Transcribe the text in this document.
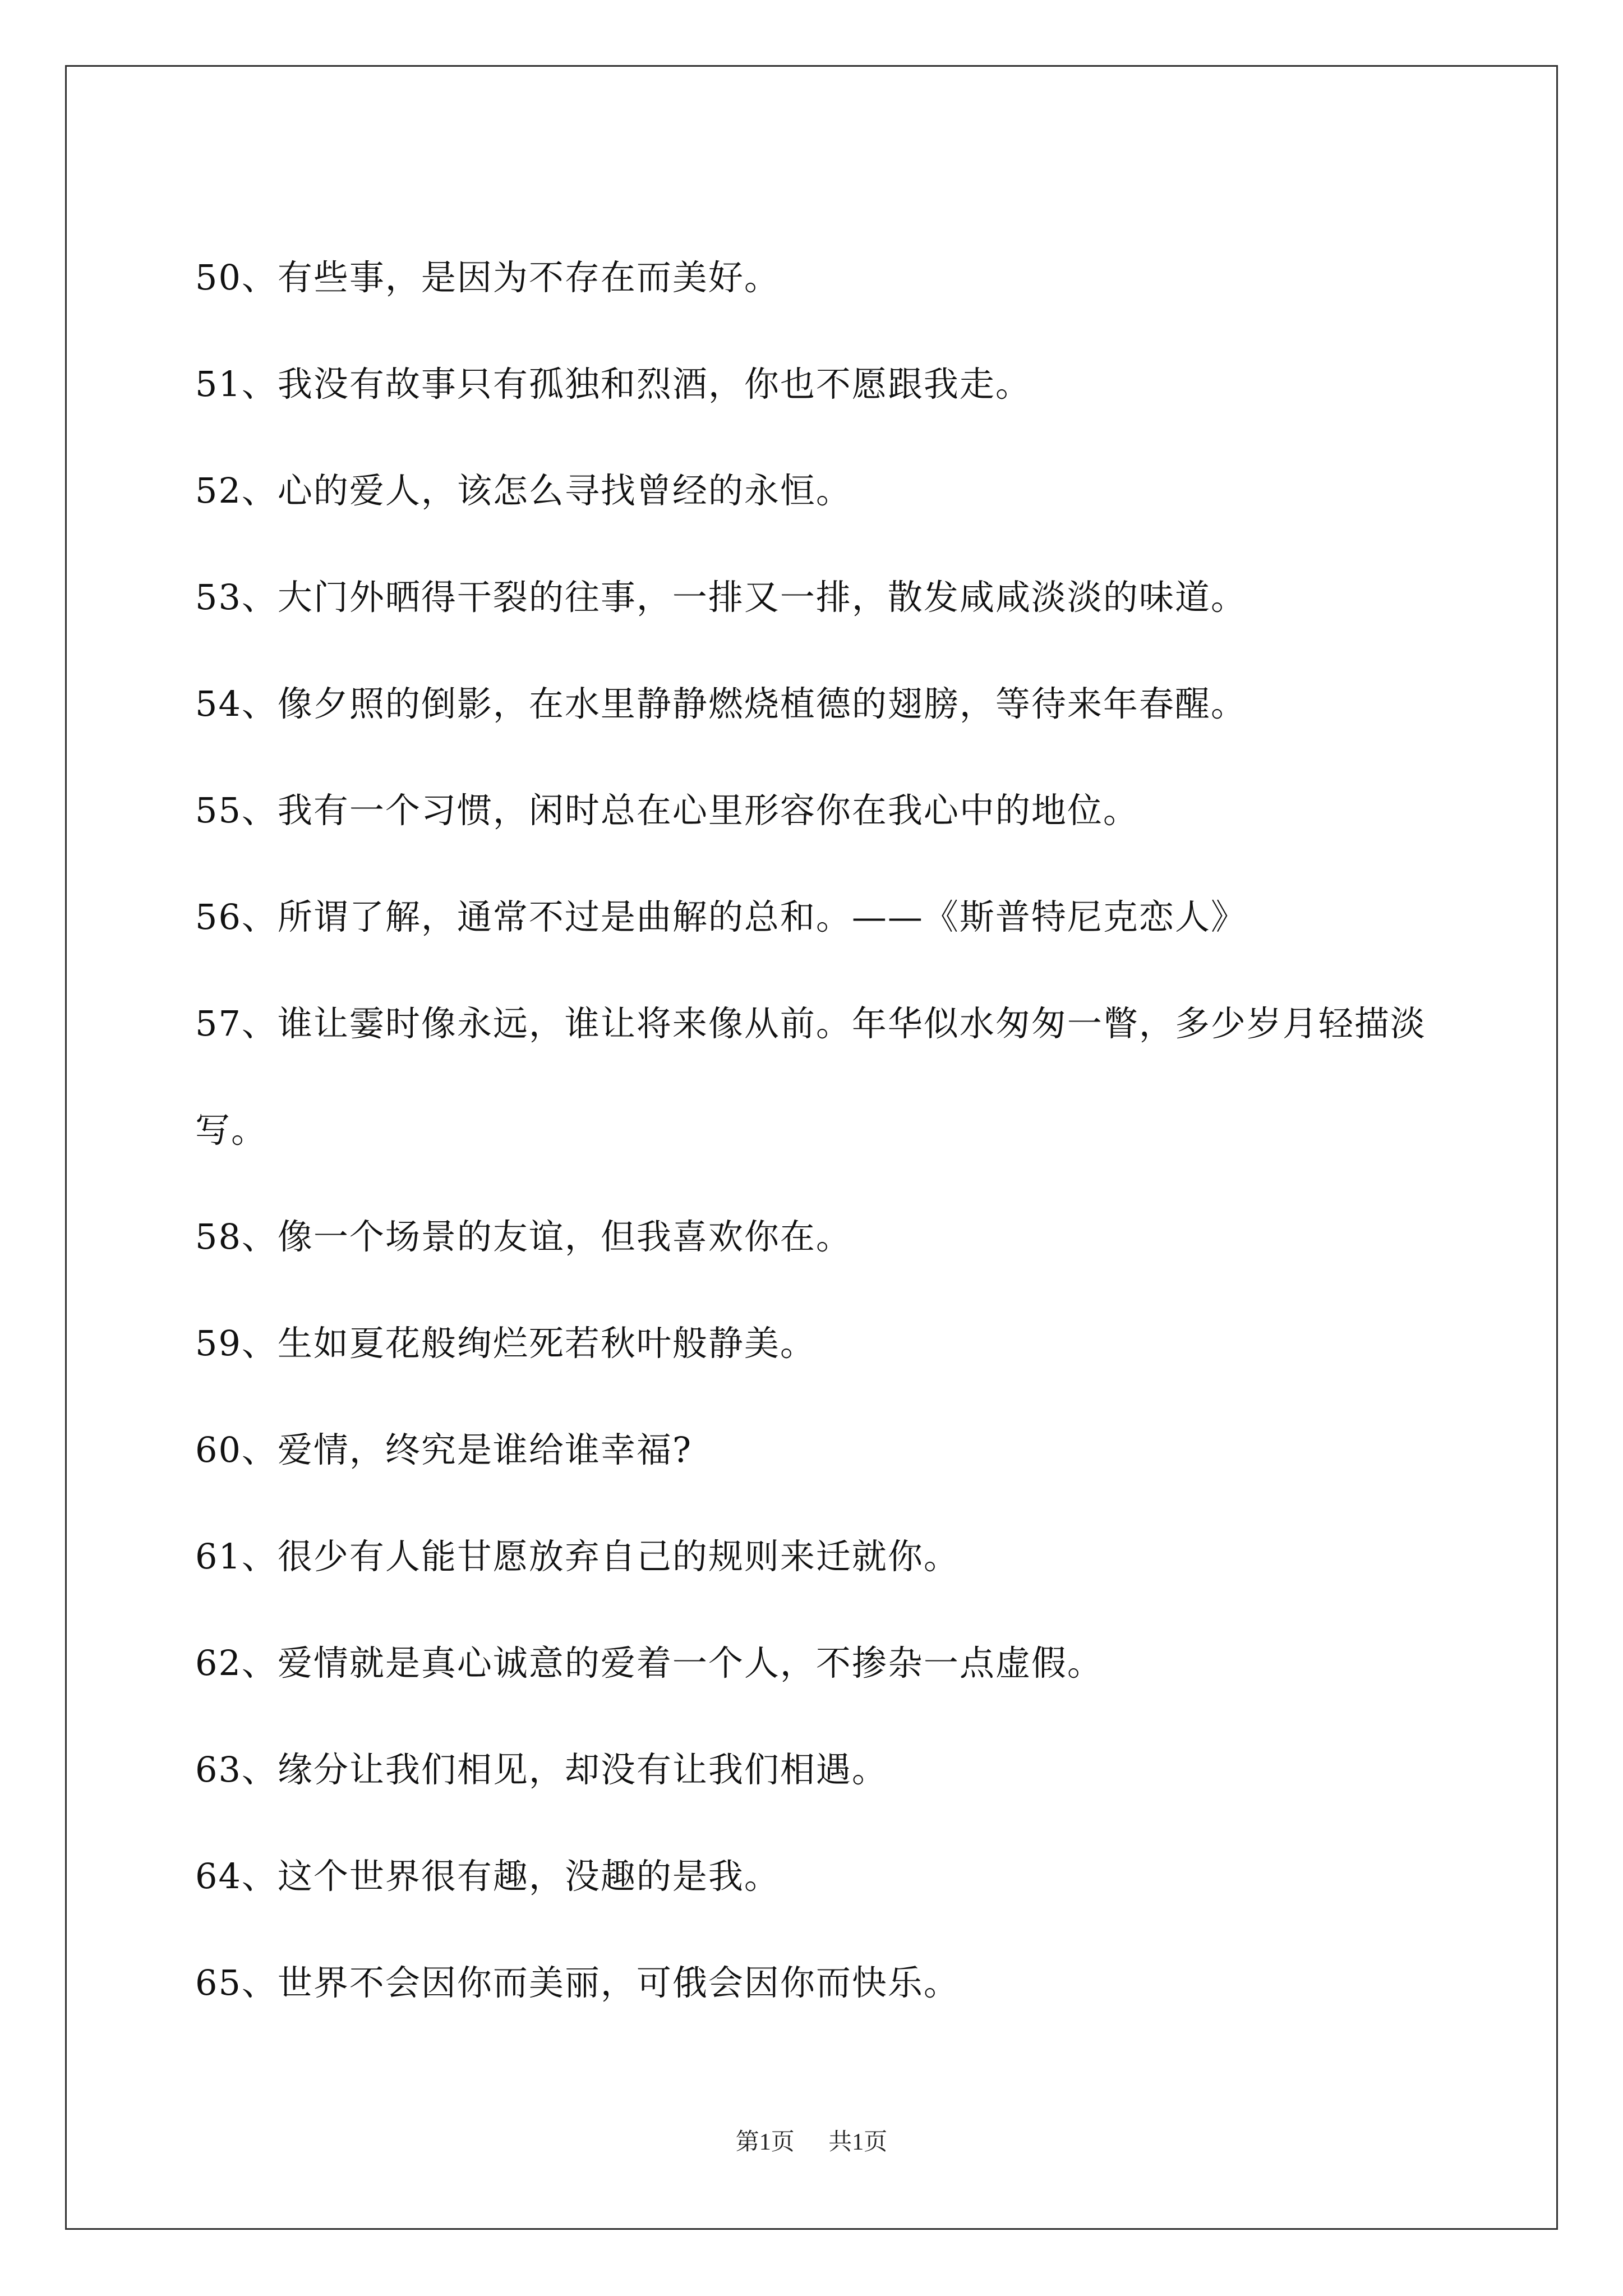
50、有些事，是因为不存在而美好。

51、我没有故事只有孤独和烈酒，你也不愿跟我走。

52、心的爱人，该怎么寻找曾经的永恒。

53、大门外晒得干裂的往事，一排又一排，散发咸咸淡淡的味道。

54、像夕照的倒影，在水里静静燃烧植德的翅膀，等待来年春醒。

55、我有一个习惯，闲时总在心里形容你在我心中的地位。

56、所谓了解，通常不过是曲解的总和。——《斯普特尼克恋人》

57、谁让霎时像永远，谁让将来像从前。年华似水匆匆一瞥，多少岁月轻描淡写。

58、像一个场景的友谊，但我喜欢你在。

59、生如夏花般绚烂死若秋叶般静美。

60、爱情，终究是谁给谁幸福?

61、很少有人能甘愿放弃自己的规则来迁就你。

62、爱情就是真心诚意的爱着一个人，不掺杂一点虚假。

63、缘分让我们相见，却没有让我们相遇。

64、这个世界很有趣，没趣的是我。

65、世界不会因你而美丽，可俄会因你而快乐。

第1页 共1页
